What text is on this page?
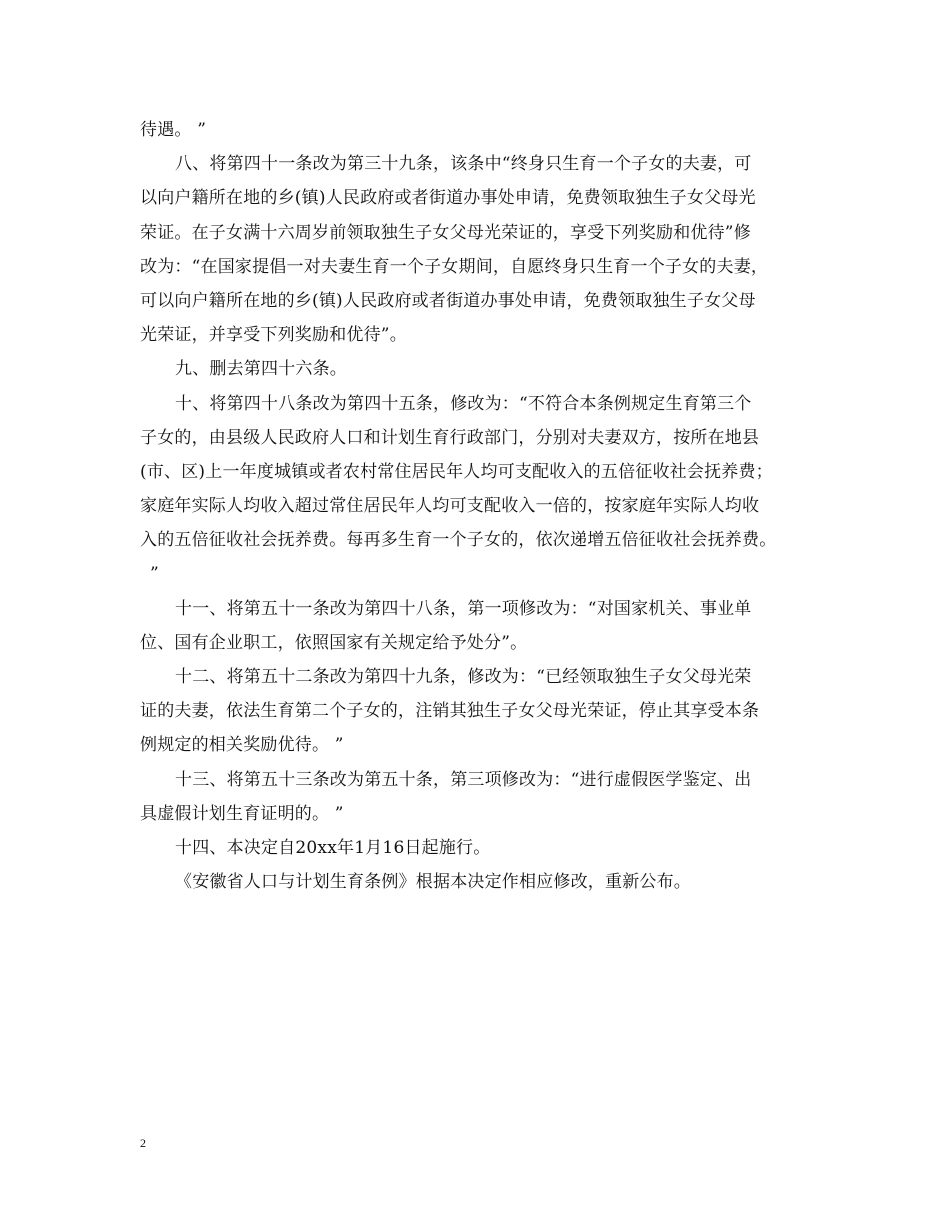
待遇。 ”
八、将第四十一条改为第三十九条，该条中“终身只生育一个子女的夫妻，可
以向户籍所在地的乡(镇)人民政府或者街道办事处申请，免费领取独生子女父母光
荣证。在子女满十六周岁前领取独生子女父母光荣证的，享受下列奖励和优待”修
改为：“在国家提倡一对夫妻生育一个子女期间，自愿终身只生育一个子女的夫妻，
可以向户籍所在地的乡(镇)人民政府或者街道办事处申请，免费领取独生子女父母
光荣证，并享受下列奖励和优待”。
九、删去第四十六条。
十、将第四十八条改为第四十五条，修改为：“不符合本条例规定生育第三个
子女的，由县级人民政府人口和计划生育行政部门，分别对夫妻双方，按所在地县
(市、区)上一年度城镇或者农村常住居民年人均可支配收入的五倍征收社会抚养费；
家庭年实际人均收入超过常住居民年人均可支配收入一倍的，按家庭年实际人均收
入的五倍征收社会抚养费。每再多生育一个子女的，依次递增五倍征收社会抚养费。
”
十一、将第五十一条改为第四十八条，第一项修改为：“对国家机关、事业单
位、国有企业职工，依照国家有关规定给予处分”。
十二、将第五十二条改为第四十九条，修改为：“已经领取独生子女父母光荣
证的夫妻，依法生育第二个子女的，注销其独生子女父母光荣证，停止其享受本条
例规定的相关奖励优待。 ”
十三、将第五十三条改为第五十条，第三项修改为：“进行虚假医学鉴定、出
具虚假计划生育证明的。 ”
十四、本决定自20xx年1月16日起施行。
《安徽省人口与计划生育条例》根据本决定作相应修改，重新公布。
2
